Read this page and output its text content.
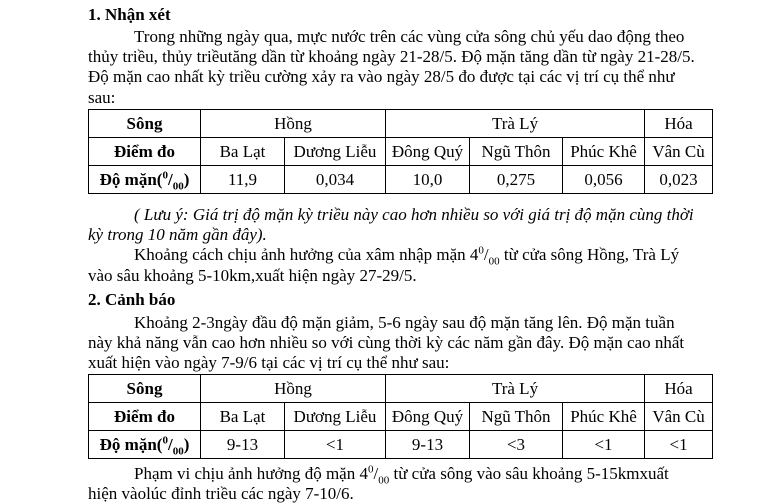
1. Nhận xét
Trong những ngày qua, mực nước trên các vùng cửa sông chủ yếu dao động theo
thủy triều, thủy triềutăng dần từ khoảng ngày 21-28/5. Độ mặn tăng dần từ ngày 21-28/5.
Độ mặn cao nhất kỳ triều cường xảy ra vào ngày 28/5 đo được tại các vị trí cụ thể như
sau:
Sông	Hồng		Trà Lý			Hóa
Điểm đo	Ba Lạt	Dương Liễu	Đông Quý	Ngũ Thôn	Phúc Khê	Vân Cù
Độ $mặn(^0/_{00})$	11,9	0,034	10,0	0,275	0,056	0,023
( Lưu ý: Giá trị độ mặn kỳ triều này cao hơn nhiều so với giá trị độ mặn cùng thời
kỳ trong 10 năm gần đây).
Khoảng cách chịu ảnh hưởng của xâm nhập mặn $4^0/_{00}$ từ cửa sông Hồng, Trà Lý
vào sâu khoảng 5-10km,xuất hiện ngày 27-29/5.
2. Cảnh báo
Khoảng 2-3ngày đầu độ mặn giảm, 5-6 ngày sau độ mặn tăng lên. Độ mặn tuần
này khả năng vẫn cao hơn nhiều so với cùng thời kỳ các năm gần đây. Độ mặn cao nhất
xuất hiện vào ngày 7-9/6 tại các vị trí cụ thể như sau:
Sông	Hồng		Trà Lý			Hóa
Điểm đo	Ba Lạt	Dương Liễu	Đông Quý	Ngũ Thôn	Phúc Khê	Vân Cù
Độ $mặn(^0/_{00})$	9-13	<1	9-13	<3	<1	<1
Phạm vi chịu ảnh hưởng độ mặn $4^0/_{00}$ từ cửa sông vào sâu khoảng 5-15kmxuất
hiện vàolúc đỉnh triều các ngày 7-10/6.
